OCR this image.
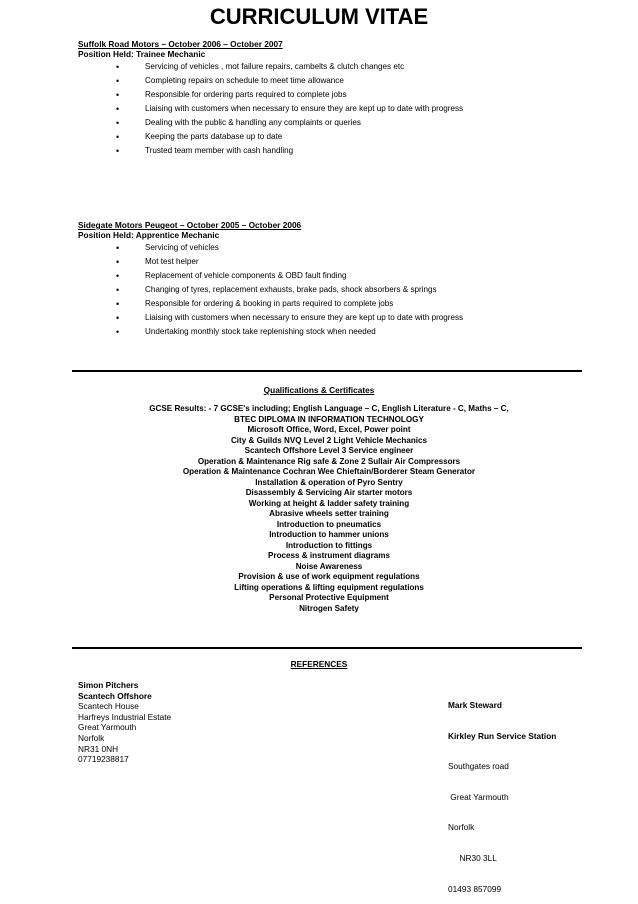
CURRICULUM VITAE
Suffolk Road Motors – October 2006 – October 2007
Position Held: Trainee Mechanic
•	Servicing of vehicles , mot failure repairs, cambelts & clutch changes etc
•	Completing repairs on schedule to meet time allowance
•	Responsible for ordering parts required to complete jobs
•	Liaising with customers when necessary to ensure they are kept up to date with progress
•	Dealing with the public & handling any complaints or queries
•	Keeping the parts database up to date
•	Trusted team member with cash handling
Sidegate Motors Peugeot – October 2005 – October 2006
Position Held: Apprentice Mechanic
•	Servicing of vehicles
•	Mot test helper
•	Replacement of vehicle components & OBD fault finding
•	Changing of tyres, replacement exhausts, brake pads, shock absorbers & springs
•	Responsible for ordering & booking in parts required to complete jobs
•	Liaising with customers when necessary to ensure they are kept up to date with progress
•	Undertaking monthly stock take replenishing stock when needed
Qualifications & Certificates
GCSE Results: - 7 GCSE's including; English Language – C, English Literature - C, Maths – C,
BTEC DIPLOMA IN INFORMATION TECHNOLOGY
Microsoft Office, Word, Excel, Power point
City & Guilds NVQ Level 2 Light Vehicle Mechanics
Scantech Offshore Level 3 Service engineer
Operation & Maintenance Rig safe & Zone 2 Sullair Air Compressors
Operation & Maintenance Cochran Wee Chieftain/Borderer Steam Generator
Installation & operation of Pyro Sentry
Disassembly & Servicing Air starter motors
Working at height & ladder safety training
Abrasive wheels setter training
Introduction to pneumatics
Introduction to hammer unions
Introduction to fittings
Process & instrument diagrams
Noise Awareness
Provision & use of work equipment regulations
Lifting operations & lifting equipment regulations
Personal Protective Equipment
Nitrogen Safety
REFERENCES
Simon Pitchers
Scantech Offshore
Scantech House
Harfreys Industrial Estate
Great Yarmouth
Norfolk
NR31 0NH
07719238817

Mark Steward

Kirkley Run Service Station

Southgates road

Great Yarmouth

Norfolk

NR30 3LL

01493 857099
